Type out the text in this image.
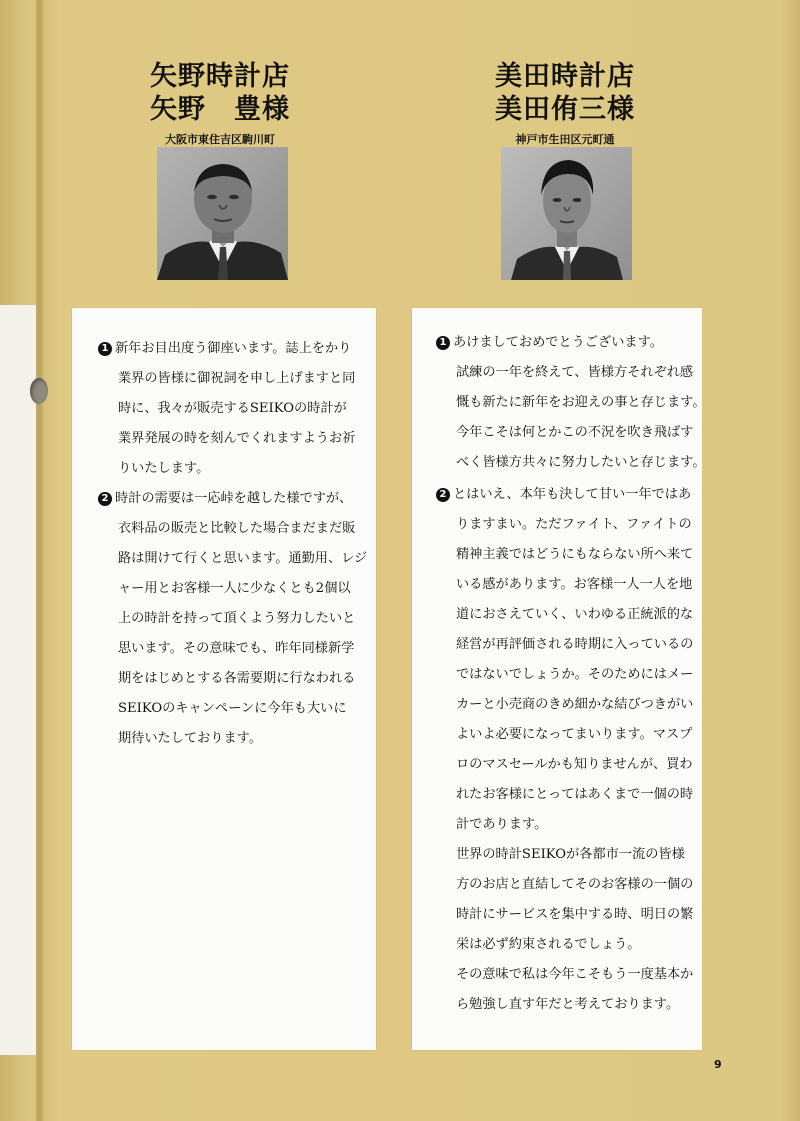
矢野時計店
矢野　豊様
大阪市東住吉区駒川町
美田時計店
美田侑三様
神戸市生田区元町通
1 新年お目出度う御座います。誌上をかり
業界の皆様に御祝詞を申し上げますと同
時に、我々が販売するSEIKOの時計が
業界発展の時を刻んでくれますようお祈
りいたします。
2 時計の需要は一応峠を越した様ですが、
衣料品の販売と比較した場合まだまだ販
路は開けて行くと思います。通勤用、レジ
ャー用とお客様一人に少なくとも2個以
上の時計を持って頂くよう努力したいと
思います。その意味でも、昨年同様新学
期をはじめとする各需要期に行なわれる
SEIKOのキャンペーンに今年も大いに
期待いたしております。
1 あけましておめでとうございます。
試練の一年を終えて、皆様方それぞれ感
慨も新たに新年をお迎えの事と存じます。
今年こそは何とかこの不況を吹き飛ばす
べく皆様方共々に努力したいと存じます。
2 とはいえ、本年も決して甘い一年ではあ
りますまい。ただファイト、ファイトの
精神主義ではどうにもならない所へ来て
いる感があります。お客様一人一人を地
道におさえていく、いわゆる正統派的な
経営が再評価される時期に入っているの
ではないでしょうか。そのためにはメー
カーと小売商のきめ細かな結びつきがい
よいよ必要になってまいります。マスプ
ロのマスセールかも知りませんが、買わ
れたお客様にとってはあくまで一個の時
計であります。
世界の時計SEIKOが各都市一流の皆様
方のお店と直結してそのお客様の一個の
時計にサービスを集中する時、明日の繁
栄は必ず約束されるでしょう。
その意味で私は今年こそもう一度基本か
ら勉強し直す年だと考えております。
9
